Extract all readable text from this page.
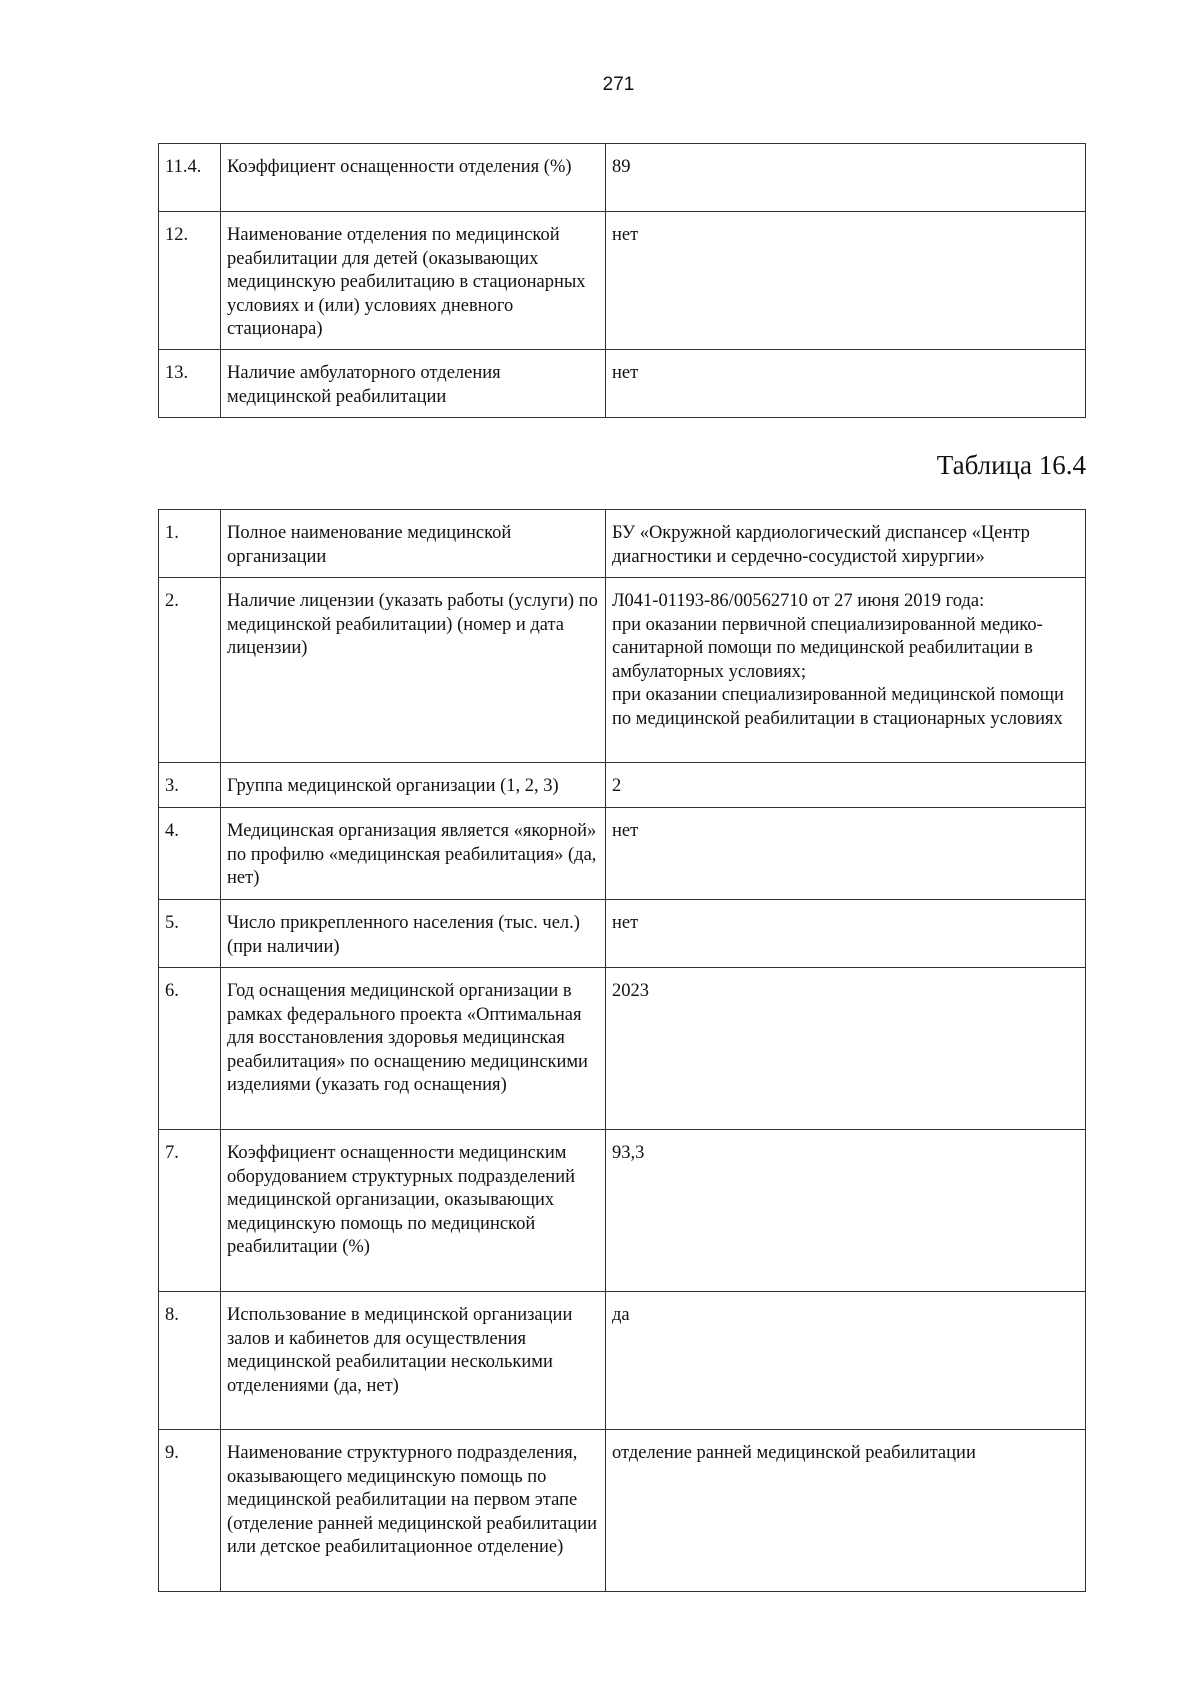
271
11.4.	Коэффициент оснащенности отделения (%)	89
12.	Наименование отделения по медицинской реабилитации для детей (оказывающих медицинскую реабилитацию в стационарных условиях и (или) условиях дневного стационара)	нет
13.	Наличие амбулаторного отделения медицинской реабилитации	нет
Таблица 16.4
1.	Полное наименование медицинской организации	БУ «Окружной кардиологический диспансер «Центр диагностики и сердечно-сосудистой хирургии»
2.	Наличие лицензии (указать работы (услуги) по медицинской реабилитации) (номер и дата лицензии)	Л041-01193-86/00562710 от 27 июня 2019 года:
при оказании первичной специализированной медико-санитарной помощи по медицинской реабилитации в амбулаторных условиях;
при оказании специализированной медицинской помощи по медицинской реабилитации в стационарных условиях
3.	Группа медицинской организации (1, 2, 3)	2
4.	Медицинская организация является «якорной» по профилю «медицинская реабилитация» (да, нет)	нет
5.	Число прикрепленного населения (тыс. чел.) (при наличии)	нет
6.	Год оснащения медицинской организации в рамках федерального проекта «Оптимальная для восстановления здоровья медицинская реабилитация» по оснащению медицинскими изделиями (указать год оснащения)	2023
7.	Коэффициент оснащенности медицинским оборудованием структурных подразделений медицинской организации, оказывающих медицинскую помощь по медицинской реабилитации (%)	93,3
8.	Использование в медицинской организации залов и кабинетов для осуществления медицинской реабилитации несколькими отделениями (да, нет)	да
9.	Наименование структурного подразделения, оказывающего медицинскую помощь по медицинской реабилитации на первом этапе (отделение ранней медицинской реабилитации или детское реабилитационное отделение)	отделение ранней медицинской реабилитации
